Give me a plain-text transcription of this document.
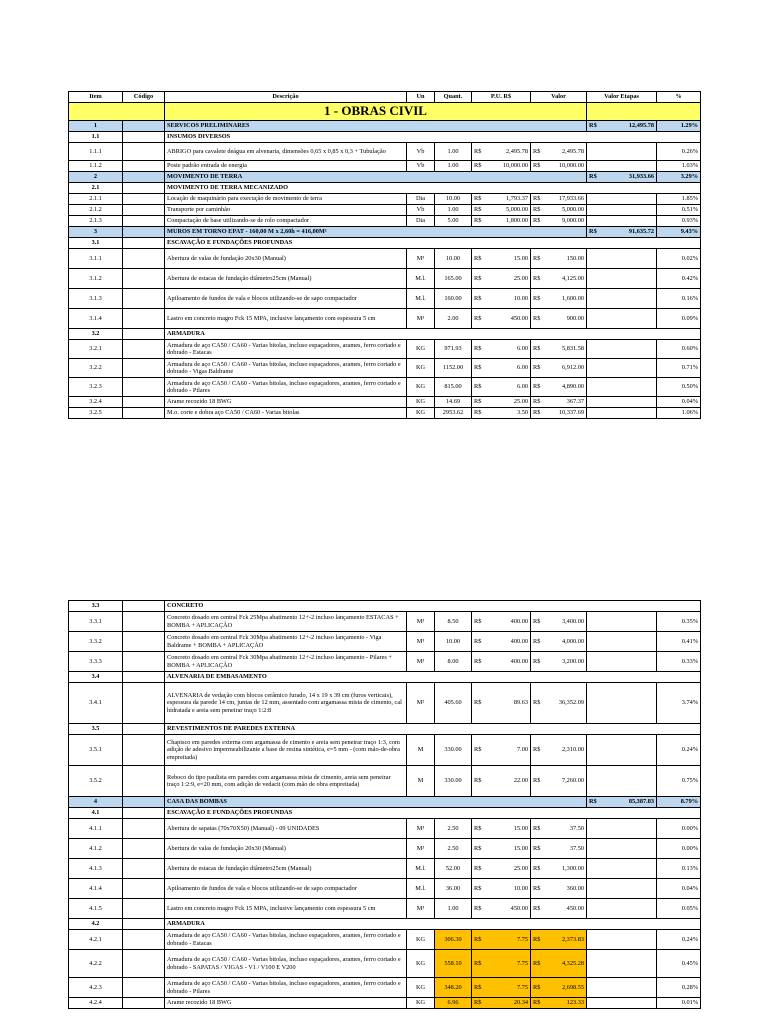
Item	Código	Descrição	Un	Quant.	P.U. R$		Valor		Valor Etapas		%
		1 - OBRAS CIVIL									
1		SERVICOS PRELIMINARES							R$	12,495.78	1.29%
1.1		INSUMOS DIVERSOS									
1.1.1		ABRIGO para cavalete deágua em alvenaria, dimensões 0,65 x 0,85 x 0,3 + Tubulação	Vb	1.00	R$	2,495.78	R$	2,495.78			0.26%
1.1.2		Poste padrão entrada de energia	Vb	1.00	R$	10,000.00	R$	10,000.00			1.03%
2		MOVIMENTO DE TERRA							R$	31,933.66	3.29%
2.1		MOVIMENTO DE TERRA MECANIZADO									
2.1.1		Locação de maquinário para execução de movimento de terra	Dia	10.00	R$	1,793.37	R$	17,933.66			1.85%
2.1.2		Transporte por caminhão	Vb	1.00	R$	5,000.00	R$	5,000.00			0.51%
2.1.3		Compactação de base utilizando-se de rolo compactador	Dia	5.00	R$	1,800.00	R$	9,000.00			0.93%
3		MUROS EM TORNO EPAT - 160,00 M x 2,60h = 416,00M²							R$	91,635.72	9.43%
3.1		ESCAVAÇÃO E FUNDAÇÕES PROFUNDAS									
3.1.1		Abertura de valas de fundação 20x30 (Manual)	M³	10.00	R$	15.00	R$	150.00			0.02%
3.1.2		Abertura de estacas de fundação diâmetro25cm (Manual)	M.l.	165.00	R$	25.00	R$	4,125.00			0.42%
3.1.3		Apiloamento de fundos de vala e blocos utilizando-se de sapo compactador	M.l.	160.00	R$	10.00	R$	1,600.00			0.16%
3.1.4		Lastro em concreto magro Fck 15 MPA, inclusive lançamento com espessura 5 cm	M³	2.00	R$	450.00	R$	900.00			0.09%
3.2		ARMADURA									
3.2.1		Armadura de aço CA50 / CA60 - Varias bitolas, incluso espaçadores, arames, ferro cortado e dobrado - Estacas	KG	971.93	R$	6.00	R$	5,831.58			0.60%
3.2.2		Armadura de aço CA50 / CA60 - Varias bitolas, incluso espaçadores, arames, ferro cortado e dobrado - Vigas Baldrame	KG	1152.00	R$	6.00	R$	6,912.00			0.71%
3.2.3		Armadura de aço CA50 / CA60 - Varias bitolas, incluso espaçadores, arames, ferro cortado e dobrado - Pilares	KG	815.00	R$	6.00	R$	4,890.00			0.50%
3.2.4		Arame recozido 18 BWG	KG	14.69	R$	25.00	R$	367.37			0.04%
3.2.5		M.o. corte e dobra aço CA50 / CA60 - Varias bitolas	KG	2953.62	R$	3.50	R$	10,337.69			1.06%
3.3		CONCRETO									
3.3.1		Concreto dosado em central Fck 25Mpa abatimento 12+-2 incluso lançamento ESTACAS + BOMBA + APLICAÇÃO	M³	8.50	R$	400.00	R$	3,400.00			0.35%
3.3.2		Concreto dosado em central Fck 30Mpa abatimento 12+-2 incluso lançamento - Viga Baldrame + BOMBA + APLICAÇÃO	M³	10.00	R$	400.00	R$	4,000.00			0.41%
3.3.3		Concreto dosado em central Fck 30Mpa abatimento 12+-2 incluso lançamento - Pilares + BOMBA + APLICAÇÃO	M³	8.00	R$	400.00	R$	3,200.00			0.33%
3.4		ALVENARIA DE EMBASAMENTO									
3.4.1		ALVENARIA de vedação com blocos cerâmico furado, 14 x 19 x 39 cm (furos verticais), espessura da parede 14 cm, juntas de 12 mm, assentado com argamassa mista de cimento, cal hidratada e areia sem peneirar traço 1:2:8	M²	405.60	R$	89.63	R$	36,352.09			3.74%
3.5		REVESTIMENTOS DE PAREDES EXTERNA									
3.5.1		Chapisco em paredes externa com argamassa de cimento e areia sem peneirar traço 1:3, com adição de adesivo impermeabilizante a base de resina sintética, e=5 mm - (com mão-de-obra empreitada)	M	330.00	R$	7.00	R$	2,310.00			0.24%
3.5.2		Reboco do tipo paulista em paredes com argamassa mista de cimento, areia sem peneirar traço 1:2:9, e=20 mm, com adição de vedacit (com mão de obra empreitada)	M	330.00	R$	22.00	R$	7,260.00			0.75%
4		CASA DAS BOMBAS							R$	85,387.83	8.79%
4.1		ESCAVAÇÃO E FUNDAÇÕES PROFUNDAS									
4.1.1		Abertura de sapatas (70x70X50) (Manual) - 09 UNIDADES	M³	2.50	R$	15.00	R$	37.50			0.00%
4.1.2		Abertura de valas de fundação 20x30 (Manual)	M³	2.50	R$	15.00	R$	37.50			0.00%
4.1.3		Abertura de estacas de fundação diâmetro25cm (Manual)	M.l.	52.00	R$	25.00	R$	1,300.00			0.13%
4.1.4		Apiloamento de fundos de vala e blocos utilizando-se de sapo compactador	M.l.	36.00	R$	10.00	R$	360.00			0.04%
4.1.5		Lastro em concreto magro Fck 15 MPA, inclusive lançamento com espessura 5 cm	M³	1.00	R$	450.00	R$	450.00			0.05%
4.2		ARMADURA									
4.2.1		Armadura de aço CA50 / CA60 - Varias bitolas, incluso espaçadores, arames, ferro cortado e dobrado - Estacas	KG	306.30	R$	7.75	R$	2,373.83			0.24%
4.2.2		Armadura de aço CA50 / CA60 - Varias bitolas, incluso espaçadores, arames, ferro cortado e dobrado - SAPATAS / VIGAS - V1 / V100 E V200	KG	558.10	R$	7.75	R$	4,325.28			0.45%
4.2.3		Armadura de aço CA50 / CA60 - Varias bitolas, incluso espaçadores, arames, ferro cortado e dobrado - Pilares	KG	348.20	R$	7.75	R$	2,698.55			0.28%
4.2.4		Arame recozido 18 BWG	KG	6.96	R$	20.34	R$	123.33			0.01%
